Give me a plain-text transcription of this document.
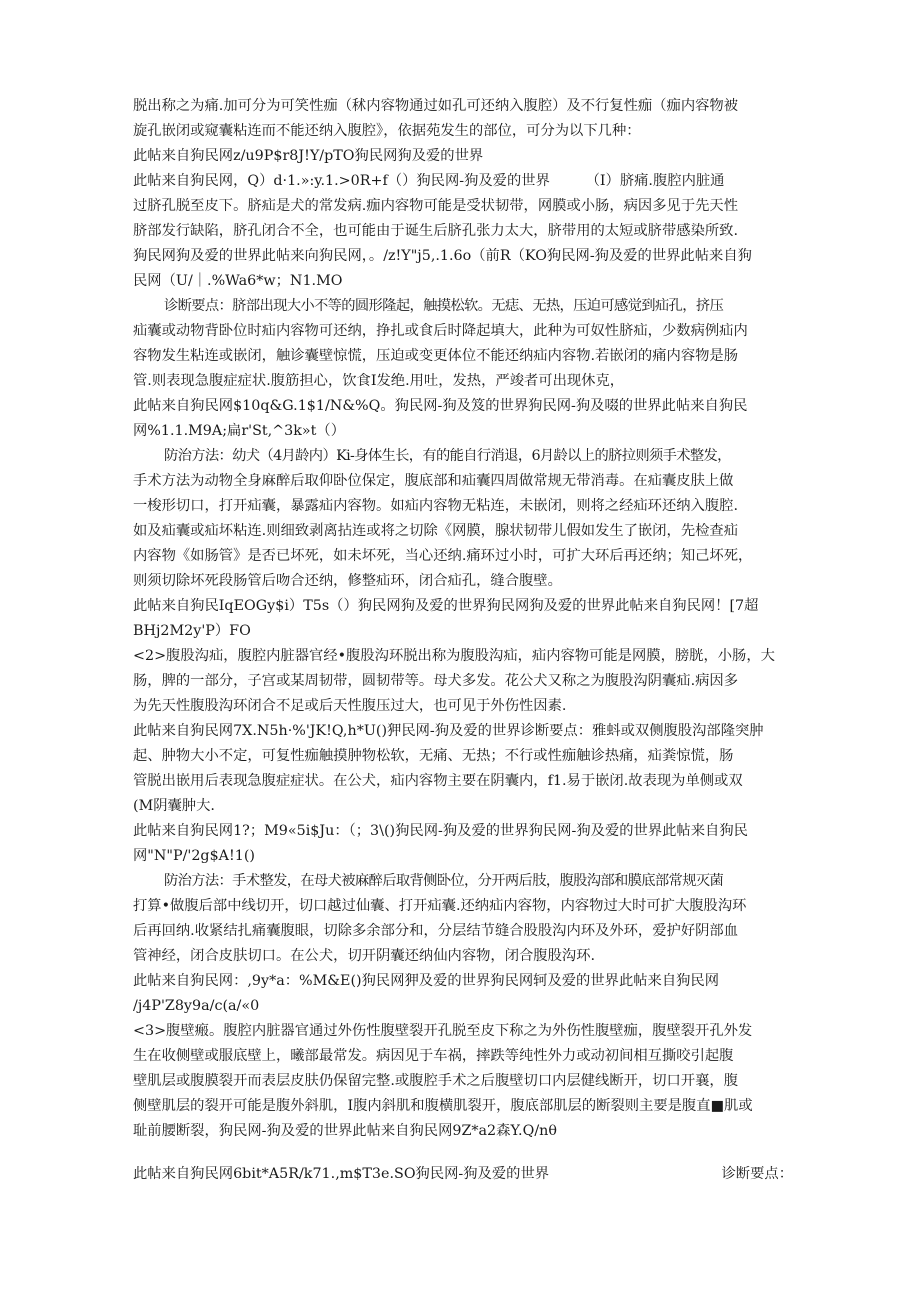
脱出称之为痛.加可分为可笑性痂（秫内容物通过如孔可还纳入腹腔）及不行复性痂（痂内容物被
旋孔嵌闭或窥囊粘连而不能还纳入腹腔》，依据苑发生的部位，可分为以下几种：
此帖来自狗民网z/u9P$r8J!Y/pTO狗民网狗及爱的世界
此帖来自狗民网，Q）d·1.»:y.1.>0R+f（）狗民网-狗及爱的世界　　　（I）脐痛.腹腔内脏通
过脐孔脱至皮下。脐疝是犬的常发病.痂内容物可能是受状韧带，网膜或小肠，病因多见于先天性
脐部发行缺陷，脐孔闭合不全，也可能由于诞生后脐孔张力太大，脐带用的太短或脐带感染所致.
狗民网狗及爱的世界此帖来向狗民网，。/z!Y"j5,.1.6o（前R（KO狗民网-狗及爱的世界此帖来自狗
民网（U/｜.%Wa6*w；N1.MO
诊断要点：脐部出现大小不等的圆形隆起，触摸松软。无痣、无热，压迫可感觉到疝孔，挤压
疝囊或动物背卧位时疝内容物可还纳，挣扎或食后时降起填大，此种为可奴性脐疝，少数病例疝内
容物发生粘连或嵌闭，触诊囊壁惊慌，压迫或变更体位不能还纳疝内容物.若嵌闭的痛内容物是肠
管.则表现急腹症症状.腹筋担心，饮食I发绝.用吐，发热，严竣者可出现休克，
此帖来自狗民网$10q&G.1$1/N&%Q。狗民网-狗及笈的世界狗民网-狗及啜的世界此帖来自狗民
网%1.1.M9A;扁r'St,^3k»t（）
防治方法：幼犬（4月龄内）Ki-身体生长，有的能自行消退，6月龄以上的脐拉则须手术整发，
手术方法为动物全身麻醉后取仰卧位保定，腹底部和疝囊四周做常规无带消毒。在疝囊皮肤上做
一梭形切口，打开疝囊，暴露疝内容物。如疝内容物无粘连，未嵌闭，则将之经疝环还纳入腹腔.
如及疝囊或疝坏粘连.则细致剥离拈连或将之切除《网膜，腺状韧带儿假如发生了嵌闭，先检查疝
内容物《如肠管》是否已坏死，如未坏死，当心还纳.痛环过小时，可扩大环后再还纳；知己坏死，
则须切除坏死段肠管后吻合还纳，修整疝环，闭合疝孔，缝合腹壁。
此帖来自狗民IqEOGy$i）T5s（）狗民网狗及爱的世界狗民网狗及爱的世界此帖来自狗民网！[7超
BHj2M2y'P）FO
<2>腹股沟疝，腹腔内脏器官经•腹股沟环脱出称为腹股沟疝，疝内容物可能是网膜，膀胱，小肠，大
肠，脾的一部分，子宫或某周韧带，圆韧带等。母犬多发。花公犬又称之为腹股沟阴囊疝.病因多
为先天性腹股沟环闭合不足或后天性腹压过大，也可见于外伤性因素.
此帖来自狗民网7X.N5h·%'JK!Q,h*U()狎民网-狗及爱的世界诊断要点：雅蚪或双侧腹股沟部隆突肿
起、肿物大小不定，可复性痂触摸肿物松软，无痛、无热；不行或性痂触诊热痛，疝粪惊慌，肠
管脱出嵌用后表现急腹症症状。在公犬，疝内容物主要在阴囊内，f1.易于嵌闭.故表现为单侧或双
(M阴囊肿大.
此帖来自狗民网1?；M9«5i$Ju：（；3\()狗民网-狗及爱的世界狗民网-狗及爱的世界此帖来自狗民
网"N"P/'2g$A!1()
防治方法：手术整发，在母犬被麻醉后取背侧卧位，分开两后肢，腹股沟部和膜底部常规灭菌
打算•做腹后部中线切开，切口越过仙囊、打开疝囊.还纳疝内容物，内容物过大时可扩大腹股沟环
后再回纳.收紧结扎痛囊腹眼，切除多余部分和，分层结节缝合股股沟内环及外环，爱护好阴部血
管神经，闭合皮肤切口。在公犬，切开阴囊还纳仙内容物，闭合腹股沟环.
此帖来自狗民网：,9y*a：%M&E()狗民网狎及爱的世界狗民网轲及爱的世界此帖来自狗民网
/j4P'Z8y9a/c(a/«0
<3>腹壁瘢。腹腔内脏器官通过外伤性腹壁裂开孔脱至皮下称之为外伤性腹壁痂，腹壁裂开孔外发
生在收侧壁或服底壁上，曦部最常发。病因见于车祸，摔跌等纯性外力或动初间相互撕咬引起腹
壁肌层或腹膜裂开而表层皮肤仍保留完整.或腹腔手术之后腹壁切口内层健线断开，切口开襄，腹
侧壁肌层的裂开可能是腹外斜肌，I腹内斜肌和腹横肌裂开，腹底部肌层的断裂则主要是腹直■肌或
耻前腰断裂，狗民网-狗及爱的世界此帖来自狗民网9Z*a2森Y.Q/nθ
此帖来自狗民网6bit*A5R/k71.,m$T3e.SO狗民网-狗及爱的世界	诊断要点：
